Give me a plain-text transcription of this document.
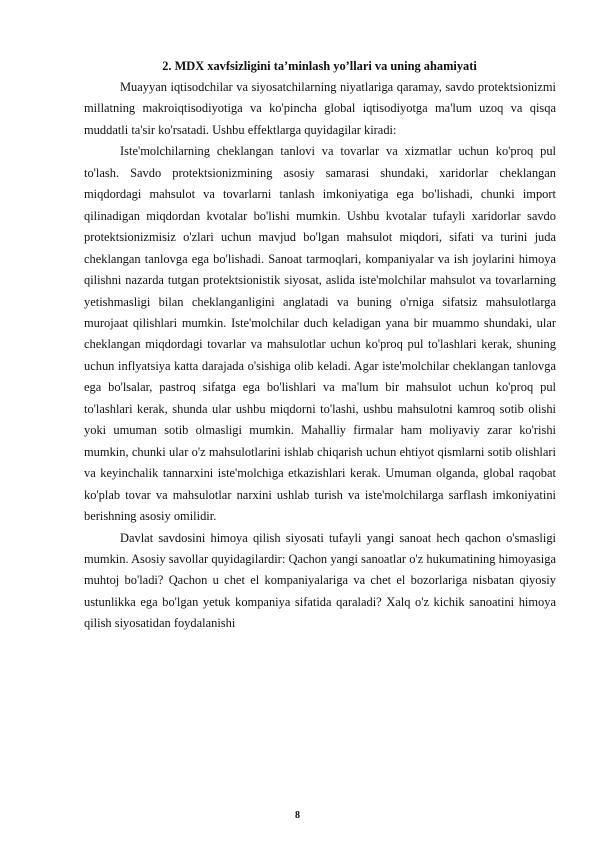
2. MDX xavfsizligini ta’minlash yo’llari va uning ahamiyati

Muayyan iqtisodchilar va siyosatchilarning niyatlariga qaramay, savdo protektsionizmi millatning makroiqtisodiyotiga va ko'pincha global iqtisodiyotga ma'lum uzoq va qisqa muddatli ta'sir ko'rsatadi. Ushbu effektlarga quyidagilar kiradi:

Iste'molchilarning cheklangan tanlovi va tovarlar va xizmatlar uchun ko'proq pul to'lash. Savdo protektsionizmining asosiy samarasi shundaki, xaridorlar cheklangan miqdordagi mahsulot va tovarlarni tanlash imkoniyatiga ega bo'lishadi, chunki import qilinadigan miqdordan kvotalar bo'lishi mumkin. Ushbu kvotalar tufayli xaridorlar savdo protektsionizmisiz o'zlari uchun mavjud bo'lgan mahsulot miqdori, sifati va turini juda cheklangan tanlovga ega bo'lishadi. Sanoat tarmoqlari, kompaniyalar va ish joylarini himoya qilishni nazarda tutgan protektsionistik siyosat, aslida iste'molchilar mahsulot va tovarlarning yetishmasligi bilan cheklanganligini anglatadi va buning o'rniga sifatsiz mahsulotlarga murojaat qilishlari mumkin. Iste'molchilar duch keladigan yana bir muammo shundaki, ular cheklangan miqdordagi tovarlar va mahsulotlar uchun ko'proq pul to'lashlari kerak, shuning uchun inflyatsiya katta darajada o'sishiga olib keladi. Agar iste'molchilar cheklangan tanlovga ega bo'lsalar, pastroq sifatga ega bo'lishlari va ma'lum bir mahsulot uchun ko'proq pul to'lashlari kerak, shunda ular ushbu miqdorni to'lashi, ushbu mahsulotni kamroq sotib olishi yoki umuman sotib olmasligi mumkin. Mahalliy firmalar ham moliyaviy zarar ko'rishi mumkin, chunki ular o'z mahsulotlarini ishlab chiqarish uchun ehtiyot qismlarni sotib olishlari va keyinchalik tannarxini iste'molchiga etkazishlari kerak. Umuman olganda, global raqobat ko'plab tovar va mahsulotlar narxini ushlab turish va iste'molchilarga sarflash imkoniyatini berishning asosiy omilidir.

Davlat savdosini himoya qilish siyosati tufayli yangi sanoat hech qachon o'smasligi mumkin. Asosiy savollar quyidagilardir: Qachon yangi sanoatlar o'z hukumatining himoyasiga muhtoj bo'ladi? Qachon u chet el kompaniyalariga va chet el bozorlariga nisbatan qiyosiy ustunlikka ega bo'lgan yetuk kompaniya sifatida qaraladi? Xalq o'z kichik sanoatini himoya qilish siyosatidan foydalanishi

8
